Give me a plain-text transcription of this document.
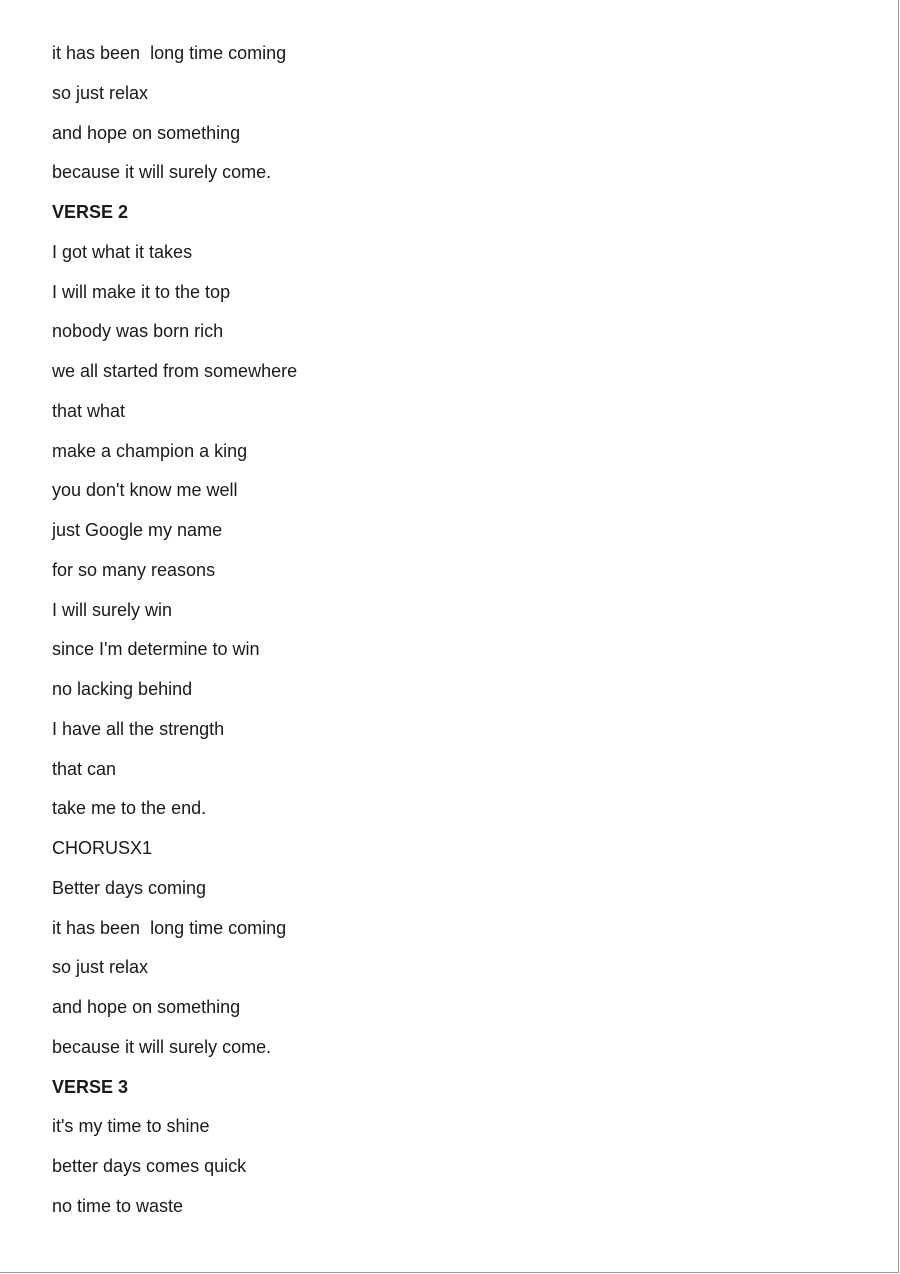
it has been  long time coming
so just relax
and hope on something
because it will surely come.
VERSE 2
I got what it takes
I will make it to the top
nobody was born rich
we all started from somewhere
that what
make a champion a king
you don't know me well
just Google my name
for so many reasons
I will surely win
since I'm determine to win
no lacking behind
I have all the strength
that can
take me to the end.
CHORUSX1
Better days coming
it has been  long time coming
so just relax
and hope on something
because it will surely come.
VERSE 3
it's my time to shine
better days comes quick
no time to waste
